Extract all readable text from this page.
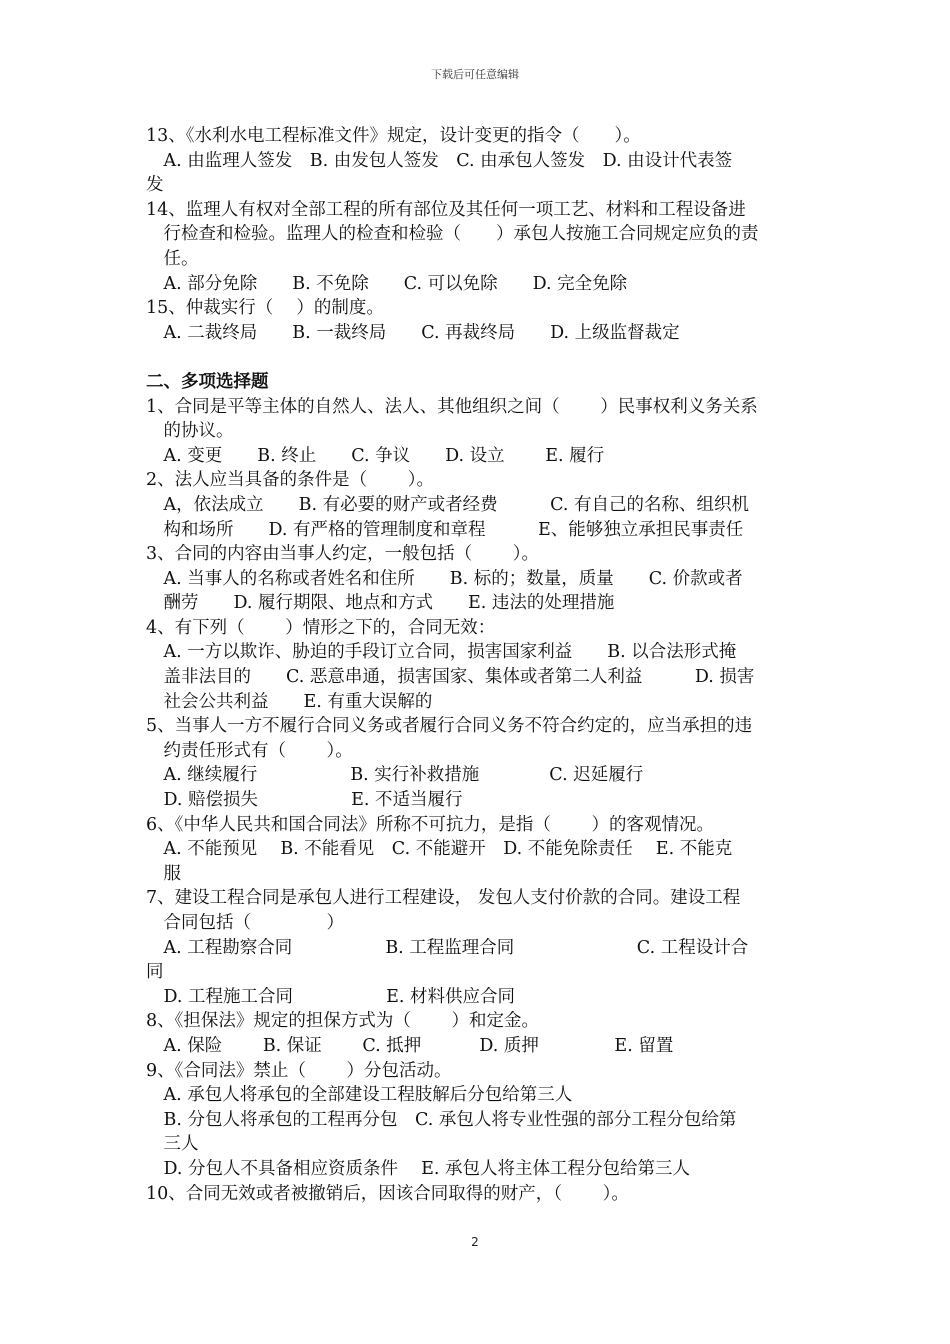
下载后可任意编辑
13、《水利水电工程标准文件》规定，设计变更的指令（　　）。
　A. 由监理人签发　B. 由发包人签发　C. 由承包人签发　D. 由设计代表签
发
14、监理人有权对全部工程的所有部位及其任何一项工艺、材料和工程设备进
　行检查和检验。监理人的检查和检验（　　）承包人按施工合同规定应负的责
　任。
　A. 部分免除　　B. 不免除　　C. 可以免除　　D. 完全免除
15、仲裁实行（　 ）的制度。
　A. 二裁终局　　B. 一裁终局　　C. 再裁终局　　D. 上级监督裁定
二、多项选择题
1、合同是平等主体的自然人、法人、其他组织之间（　　 ）民事权利义务关系
　的协议。
　A. 变更　　B. 终止　　C. 争议　　D. 设立　　 E. 履行
2、法人应当具备的条件是（　　 ）。
　A，依法成立　　B. 有必要的财产或者经费　　　C. 有自己的名称、组织机
　构和场所　　D. 有严格的管理制度和章程　　　E、能够独立承担民事责任
3、合同的内容由当事人约定，一般包括（　　 ）。
　A. 当事人的名称或者姓名和住所　　B. 标的；数量，质量　　C. 价款或者
　酬劳　　D. 履行期限、地点和方式　　E. 违法的处理措施
4、有下列（　　 ）情形之下的，合同无效：
　A. 一方以欺诈、胁迫的手段订立合同，损害国家利益　　B. 以合法形式掩
　盖非法目的　　C. 恶意串通，损害国家、集体或者第二人利益　　　D. 损害
　社会公共利益　　E. 有重大误解的
5、当事人一方不履行合同义务或者履行合同义务不符合约定的，应当承担的违
　约责任形式有（　　 ）。
　A. 继续履行　　　　　 B. 实行补救措施　　　　C. 迟延履行
　D. 赔偿损失　　　　　 E. 不适当履行
6、《中华人民共和国合同法》所称不可抗力，是指（　　 ）的客观情况。
　A. 不能预见　 B. 不能看见　C. 不能避开　D. 不能免除责任　 E. 不能克
　服
7、建设工程合同是承包人进行工程建设， 发包人支付价款的合同。建设工程
　合同包括（　　　　 ）
　A. 工程勘察合同　　　　　 B. 工程监理合同　　　　　　　C. 工程设计合
同
　D. 工程施工合同　　　　　 E. 材料供应合同
8、《担保法》规定的担保方式为（　　 ）和定金。
　A. 保险　　 B. 保证　　 C. 抵押　　　 D. 质押　　　　 E. 留置
9、《合同法》禁止（　　 ）分包活动。
　A. 承包人将承包的全部建设工程肢解后分包给第三人
　B. 分包人将承包的工程再分包　C. 承包人将专业性强的部分工程分包给第
　三人
　D. 分包人不具备相应资质条件　 E. 承包人将主体工程分包给第三人
10、合同无效或者被撤销后，因该合同取得的财产，（　　 ）。
2
